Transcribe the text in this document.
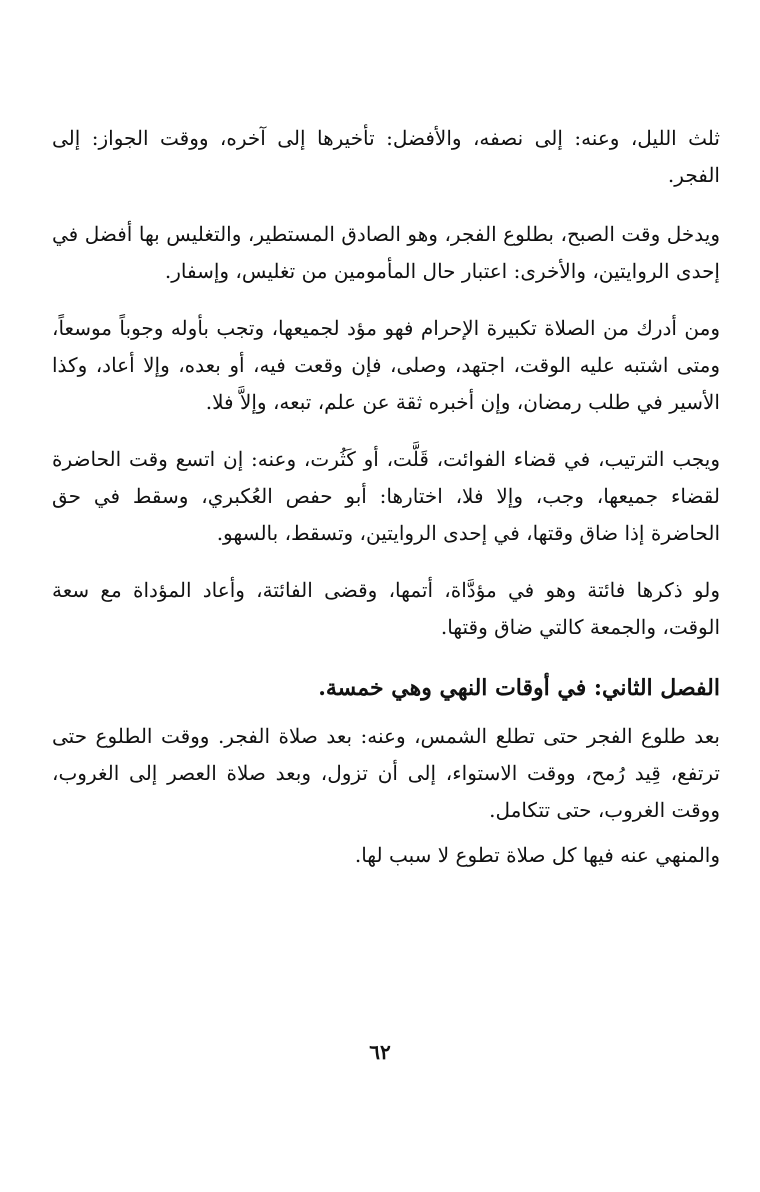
ثلث الليل، وعنه: إلى نصفه، والأفضل: تأخيرها إلى آخره، ووقت الجواز: إلى الفجر.

ويدخل وقت الصبح، بطلوع الفجر، وهو الصادق المستطير، والتغليس بها أفضل في إحدى الروايتين، والأخرى: اعتبار حال المأمومين من تغليس، وإسفار.

ومن أدرك من الصلاة تكبيرة الإحرام فهو مؤد لجميعها، وتجب بأوله وجوباً موسعاً، ومتى اشتبه عليه الوقت، اجتهد، وصلى، فإن وقعت فيه، أو بعده، وإلا أعاد، وكذا الأسير في طلب رمضان، وإن أخبره ثقة عن علم، تبعه، وإلاَّ فلا.

ويجب الترتيب، في قضاء الفوائت، قَلَّت، أو كَثُرت، وعنه: إن اتسع وقت الحاضرة لقضاء جميعها، وجب، وإلا فلا، اختارها: أبو حفص العُكبري، وسقط في حق الحاضرة إذا ضاق وقتها، في إحدى الروايتين، وتسقط، بالسهو.

ولو ذكرها فائتة وهو في مؤدَّاة، أتمها، وقضى الفائتة، وأعاد المؤداة مع سعة الوقت، والجمعة كالتي ضاق وقتها.

الفصل الثاني: في أوقات النهي وهي خمسة.

بعد طلوع الفجر حتى تطلع الشمس، وعنه: بعد صلاة الفجر. ووقت الطلوع حتى ترتفع، قِيد رُمح، ووقت الاستواء، إلى أن تزول، وبعد صلاة العصر إلى الغروب، ووقت الغروب، حتى تتكامل.

والمنهي عنه فيها كل صلاة تطوع لا سبب لها.

٦٢
